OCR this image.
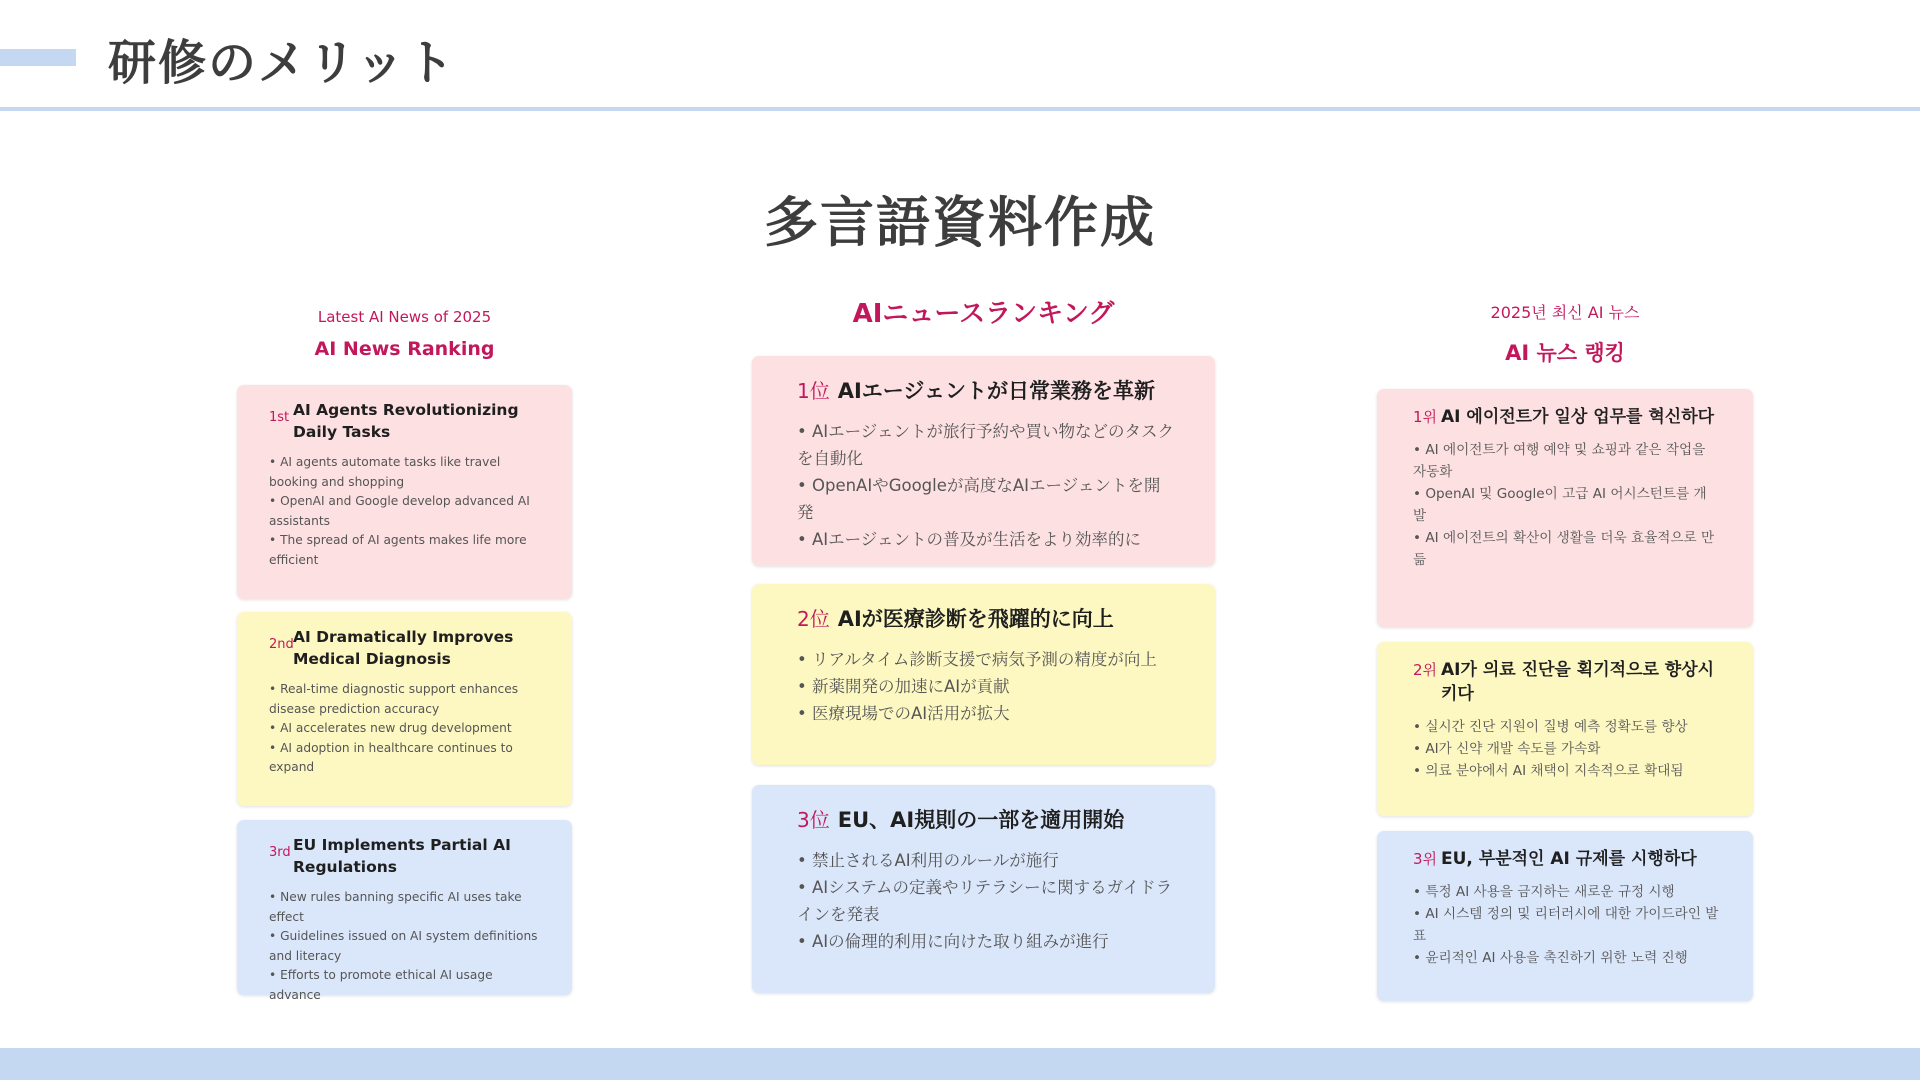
研修のメリット
多言語資料作成
Latest AI News of 2025
AI News Ranking
1st AI Agents Revolutionizing Daily Tasks
• AI agents automate tasks like travel booking and shopping
• OpenAI and Google develop advanced AI assistants
• The spread of AI agents makes life more efficient
2nd AI Dramatically Improves Medical Diagnosis
• Real-time diagnostic support enhances disease prediction accuracy
• AI accelerates new drug development
• AI adoption in healthcare continues to expand
3rd EU Implements Partial AI Regulations
• New rules banning specific AI uses take effect
• Guidelines issued on AI system definitions and literacy
• Efforts to promote ethical AI usage advance
AIニュースランキング
1位 AIエージェントが日常業務を革新
• AIエージェントが旅行予約や買い物などのタスクを自動化
• OpenAIやGoogleが高度なAIエージェントを開発
• AIエージェントの普及が生活をより効率的に
2位 AIが医療診断を飛躍的に向上
• リアルタイム診断支援で病気予測の精度が向上
• 新薬開発の加速にAIが貢献
• 医療現場でのAI活用が拡大
3位 EU、AI規則の一部を適用開始
• 禁止されるAI利用のルールが施行
• AIシステムの定義やリテラシーに関するガイドラインを発表
• AIの倫理的利用に向けた取り組みが進行
2025년 최신 AI 뉴스
AI 뉴스 랭킹
1위 AI 에이전트가 일상 업무를 혁신하다
• AI 에이전트가 여행 예약 및 쇼핑과 같은 작업을 자동화
• OpenAI 및 Google이 고급 AI 어시스턴트를 개발
• AI 에이전트의 확산이 생활을 더욱 효율적으로 만듦
2위 AI가 의료 진단을 획기적으로 향상시키다
• 실시간 진단 지원이 질병 예측 정확도를 향상
• AI가 신약 개발 속도를 가속화
• 의료 분야에서 AI 채택이 지속적으로 확대됨
3위 EU, 부분적인 AI 규제를 시행하다
• 특정 AI 사용을 금지하는 새로운 규정 시행
• AI 시스템 정의 및 리터러시에 대한 가이드라인 발표
• 윤리적인 AI 사용을 촉진하기 위한 노력 진행
